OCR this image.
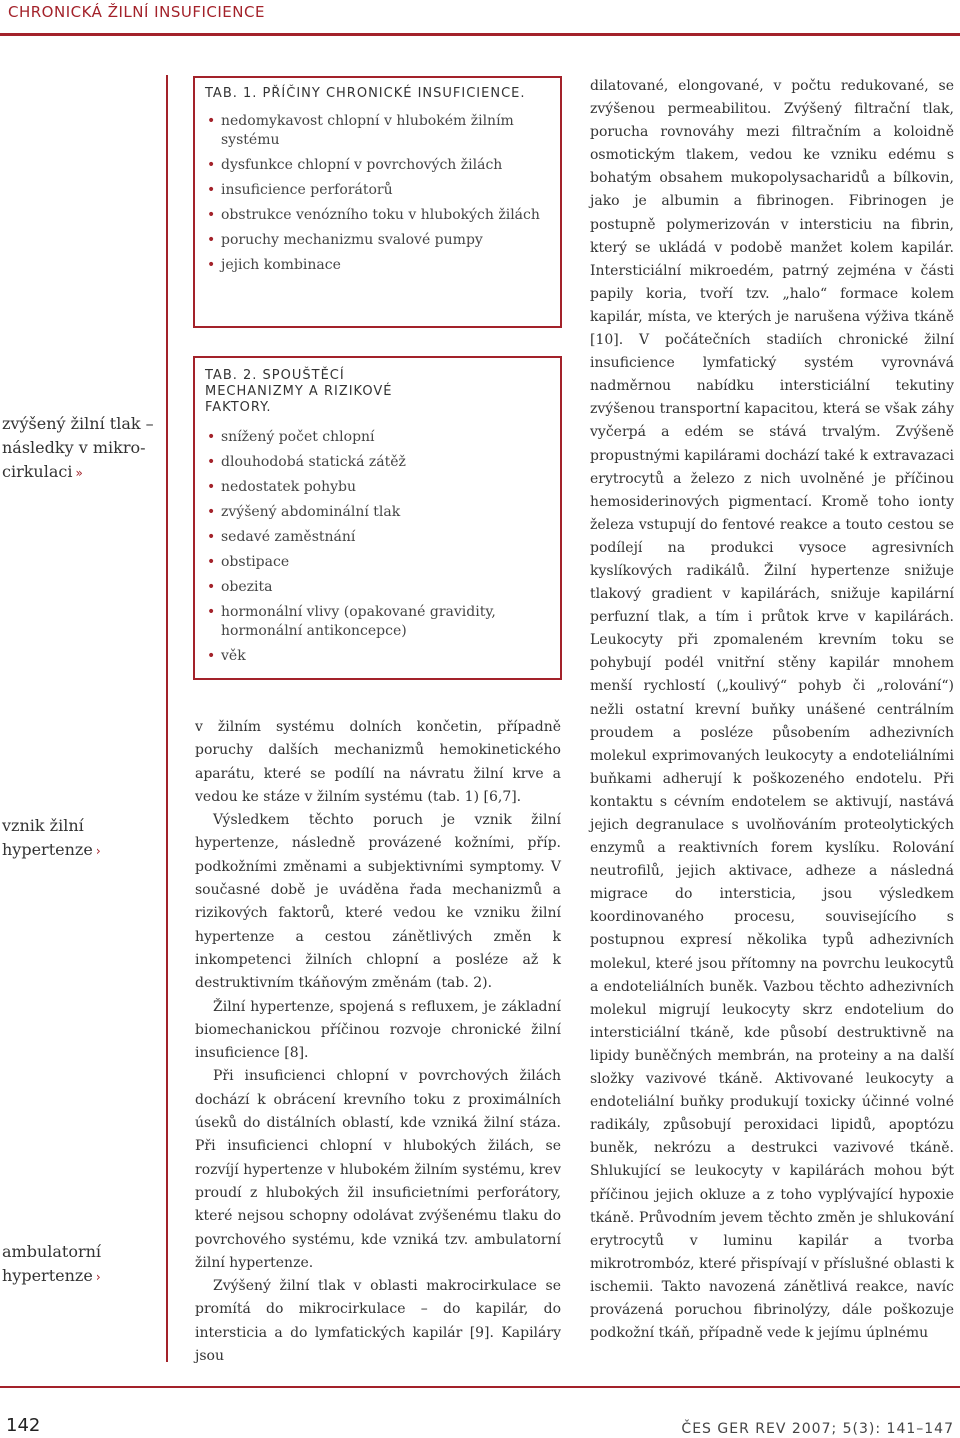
CHRONICKÁ ŽILNÍ INSUFICIENCE
zvýšený žilní tlak – následky v mikro- cirkulaci »
vznik žilní hypertenze ›
ambulatorní hypertenze ›
TAB. 1. PŘÍČINY CHRONICKÉ INSUFICIENCE.
• nedomykavost chlopní v hlubokém žilním systému
• dysfunkce chlopní v povrchových žilách
• insuficience perforátorů
• obstrukce venózního toku v hlubokých žilách
• poruchy mechanizmu svalové pumpy
• jejich kombinace
TAB. 2. SPOUŠTĚCÍ MECHANIZMY A RIZIKOVÉ FAKTORY.
• snížený počet chlopní
• dlouhodobá statická zátěž
• nedostatek pohybu
• zvýšený abdominální tlak
• sedavé zaměstnání
• obstipace
• obezita
• hormonální vlivy (opakované gravidity, hormonální antikoncepce)
• věk

v žilním systému dolních končetin, případně poruchy dalších mechanizmů hemokinetického aparátu, které se podílí na návratu žilní krve a vedou ke stáze v žilním systému (tab. 1) [6,7].

Výsledkem těchto poruch je vznik žilní hypertenze, následně provázené kožními, příp. podkožními změnami a subjektivními symptomy. V současné době je uváděna řada mechanizmů a rizikových faktorů, které vedou ke vzniku žilní hypertenze a cestou zánětlivých změn k inkompetenci žilních chlopní a posléze až k destruktivním tkáňovým změnám (tab. 2).

Žilní hypertenze, spojená s refluxem, je základní biomechanickou příčinou rozvoje chronické žilní insuficience [8].

Při insuficienci chlopní v povrchových žilách dochází k obrácení krevního toku z proximálních úseků do distálních oblastí, kde vzniká žilní stáza. Při insuficienci chlopní v hlubokých žilách, se rozvíjí hypertenze v hlubokém žilním systému, krev proudí z hlubokých žil insuficietními perforátory, které nejsou schopny odolávat zvýšenému tlaku do povrchového systému, kde vzniká tzv. ambulatorní žilní hypertenze.

Zvýšený žilní tlak v oblasti makrocirkulace se promítá do mikrocirkulace – do kapilár, do intersticia a do lymfatických kapilár [9]. Kapiláry jsou

dilatované, elongované, v počtu redukované, se zvýšenou permeabilitou. Zvýšený filtrační tlak, porucha rovnováhy mezi filtračním a koloidně osmotickým tlakem, vedou ke vzniku edému s bohatým obsahem mukopolysacharidů a bílkovin, jako je albumin a fibrinogen. Fibrinogen je postupně polymerizován v intersticiu na fibrin, který se ukládá v podobě manžet kolem kapilár. Intersticiální mikroedém, patrný zejména v části papily koria, tvoří tzv. „halo“ formace kolem kapilár, místa, ve kterých je narušena výživa tkáně [10]. V počátečních stadiích chronické žilní insuficience lymfatický systém vyrovnává nadměrnou nabídku intersticiální tekutiny zvýšenou transportní kapacitou, která se však záhy vyčerpá a edém se stává trvalým. Zvýšeně propustnými kapilárami dochází také k extravazaci erytrocytů a železo z nich uvolněné je příčinou hemosiderinových pigmentací. Kromě toho ionty železa vstupují do fentové reakce a touto cestou se podílejí na produkci vysoce agresivních kyslíkových radikálů. Žilní hypertenze snižuje tlakový gradient v kapilárách, snižuje kapilární perfuzní tlak, a tím i průtok krve v kapilárách. Leukocyty při zpomaleném krevním toku se pohybují podél vnitřní stěny kapilár mnohem menší rychlostí („koulivý“ pohyb či „rolování“) nežli ostatní krevní buňky unášené centrálním proudem a posléze působením adhezivních molekul exprimovaných leukocyty a endoteliálními buňkami adherují k poškozeného endotelu. Při kontaktu s cévním endotelem se aktivují, nastává jejich degranulace s uvolňováním proteolytických enzymů a reaktivních forem kyslíku. Rolování neutrofilů, jejich aktivace, adheze a následná migrace do intersticia, jsou výsledkem koordinovaného procesu, souvisejícího s postupnou expresí několika typů adhezivních molekul, které jsou přítomny na povrchu leukocytů a endoteliálních buněk. Vazbou těchto adhezivních molekul migrují leukocyty skrz endotelium do intersticiální tkáně, kde působí destruktivně na lipidy buněčných membrán, na proteiny a na další složky vazivové tkáně. Aktivované leukocyty a endoteliální buňky produkují toxicky účinné volné radikály, způsobují peroxidaci lipidů, apoptózu buněk, nekrózu a destrukci vazivové tkáně. Shlukující se leukocyty v kapilárách mohou být příčinou jejich okluze a z toho vyplývající hypoxie tkáně. Průvodním jevem těchto změn je shlukování erytrocytů v luminu kapilár a tvorba mikrotrombóz, které přispívají v příslušné oblasti k ischemii. Takto navozená zánětlivá reakce, navíc provázená poruchou fibrinolýzy, dále poškozuje podkožní tkáň, případně vede k jejímu úplnému

142	ČES GER REV 2007; 5(3): 141–147
